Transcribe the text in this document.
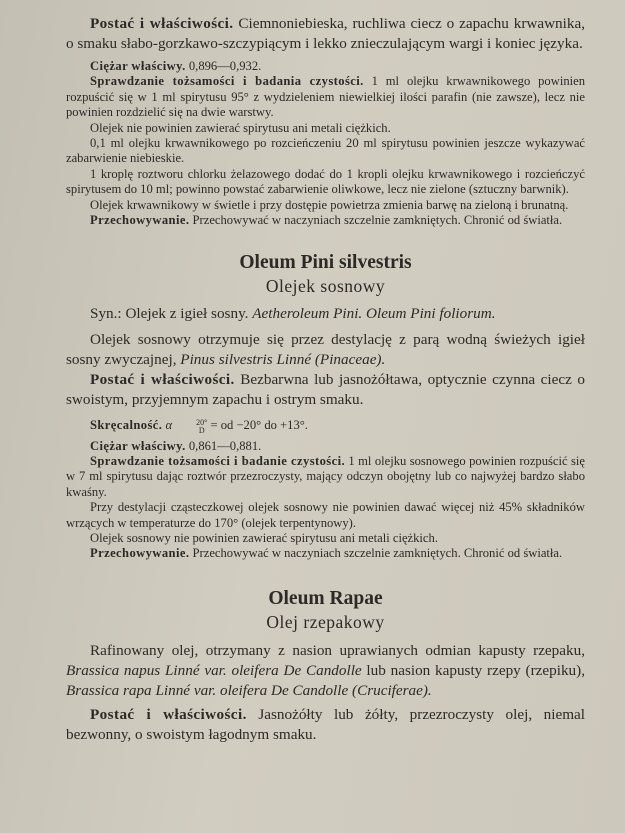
Postać i właściwości. Ciemnoniebieska, ruchliwa ciecz o zapachu krwawnika, o smaku słabo-gorzkawo-szczypiącym i lekko znieczulającym wargi i koniec języka.

Ciężar właściwy. 0,896—0,932.

Sprawdzanie tożsamości i badania czystości. 1 ml olejku krwawnikowego powinien rozpuścić się w 1 ml spirytusu 95° z wydzieleniem niewielkiej ilości parafin (nie zawsze), lecz nie powinien rozdzielić się na dwie warstwy.

Olejek nie powinien zawierać spirytusu ani metali ciężkich.

0,1 ml olejku krwawnikowego po rozcieńczeniu 20 ml spirytusu powinien jeszcze wykazywać zabarwienie niebieskie.

1 kroplę roztworu chlorku żelazowego dodać do 1 kropli olejku krwawnikowego i rozcieńczyć spirytusem do 10 ml; powinno powstać zabarwienie oliwkowe, lecz nie zielone (sztuczny barwnik).

Olejek krwawnikowy w świetle i przy dostępie powietrza zmienia barwę na zieloną i brunatną.

Przechowywanie. Przechowywać w naczyniach szczelnie zamkniętych. Chronić od światła.

Oleum Pini silvestris
Olejek sosnowy

Syn.: Olejek z igieł sosny. Aetheroleum Pini. Oleum Pini foliorum.

Olejek sosnowy otrzymuje się przez destylację z parą wodną świeżych igieł sosny zwyczajnej, Pinus silvestris Linné (Pinaceae).

Postać i właściwości. Bezbarwna lub jasnożółtawa, optycznie czynna ciecz o swoistym, przyjemnym zapachu i ostrym smaku.

Skręcalność. α	20°
D = od −20° do +13°.

Ciężar właściwy. 0,861—0,881.

Sprawdzanie tożsamości i badanie czystości. 1 ml olejku sosnowego powinien rozpuścić się w 7 ml spirytusu dając roztwór przezroczysty, mający odczyn obojętny lub co najwyżej bardzo słabo kwaśny.

Przy destylacji cząsteczkowej olejek sosnowy nie powinien dawać więcej niż 45% składników wrzących w temperaturze do 170° (olejek terpentynowy).

Olejek sosnowy nie powinien zawierać spirytusu ani metali ciężkich.

Przechowywanie. Przechowywać w naczyniach szczelnie zamkniętych. Chronić od światła.

Oleum Rapae
Olej rzepakowy

Rafinowany olej, otrzymany z nasion uprawianych odmian kapusty rzepaku, Brassica napus Linné var. oleifera De Candolle lub nasion kapusty rzepy (rzepiku), Brassica rapa Linné var. oleifera De Candolle (Cruciferae).

Postać i właściwości. Jasnożółty lub żółty, przezroczysty olej, niemal bezwonny, o swoistym łagodnym smaku.
